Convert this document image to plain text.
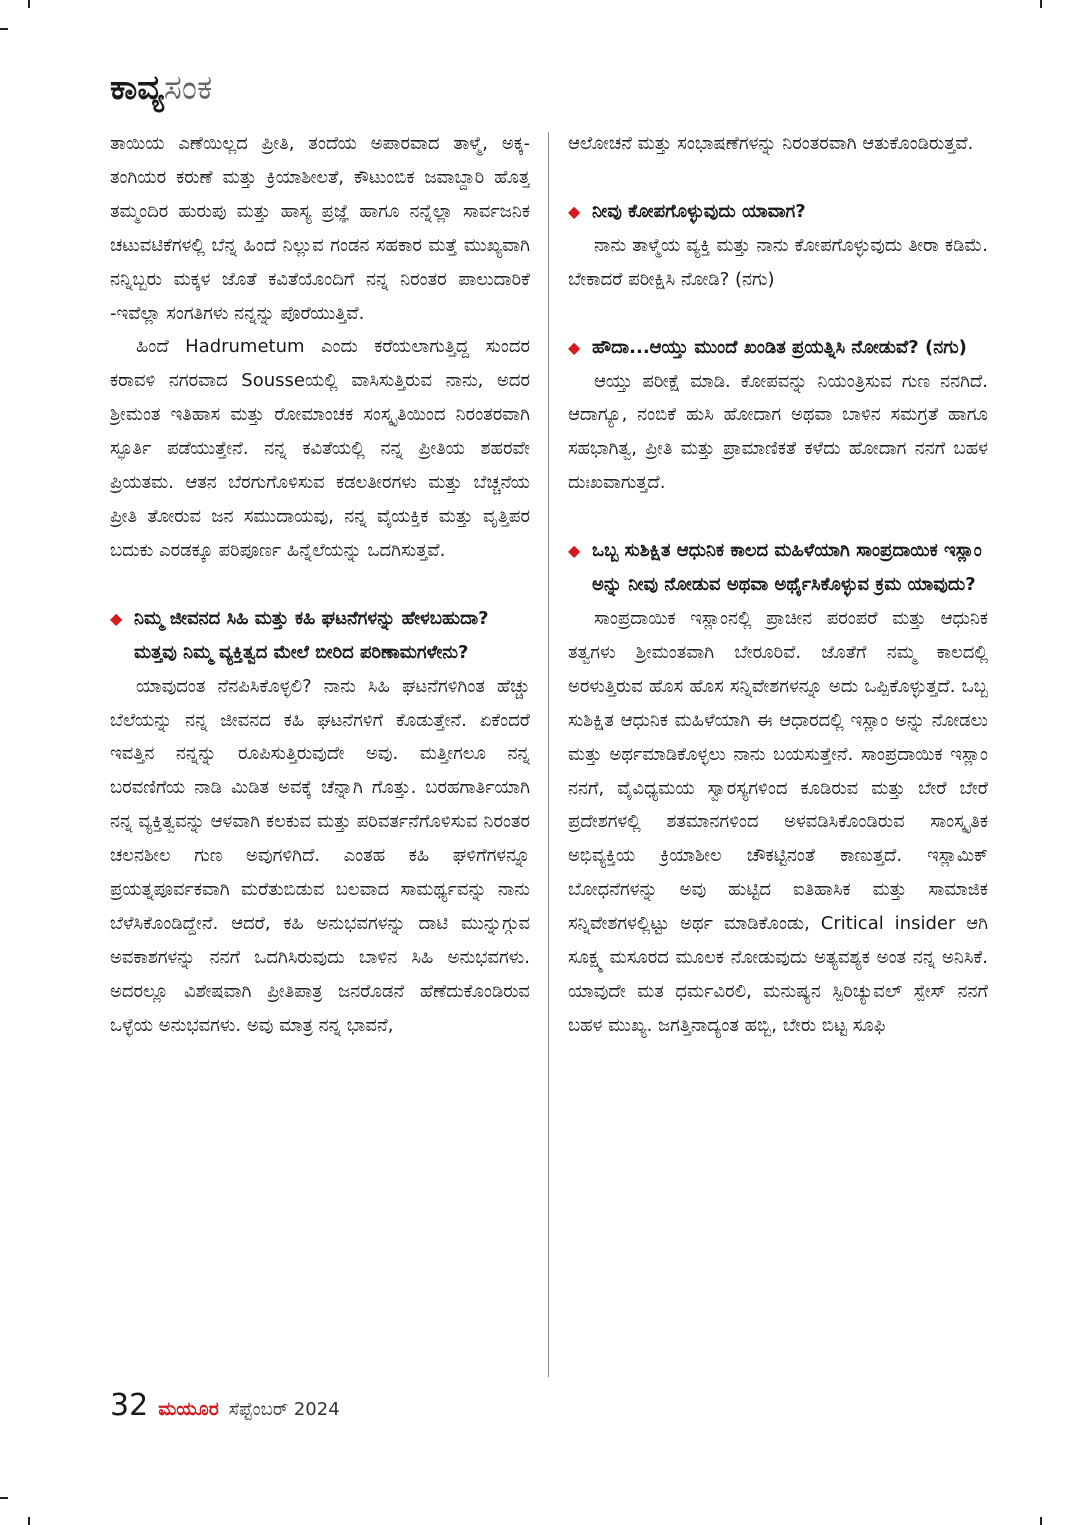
ಕಾವ್ಯಸಂಕ

ತಾಯಿಯ ಎಣೆಯಿಲ್ಲದ ಪ್ರೀತಿ, ತಂದೆಯ ಅಪಾರವಾದ ತಾಳ್ಮೆ, ಅಕ್ಕ-ತಂಗಿಯರ ಕರುಣೆ ಮತ್ತು ಕ್ರಿಯಾಶೀಲತೆ, ಕೌಟುಂಬಿಕ ಜವಾಬ್ದಾರಿ ಹೊತ್ತ ತಮ್ಮಂದಿರ ಹುರುಪು ಮತ್ತು ಹಾಸ್ಯ ಪ್ರಜ್ಞೆ ಹಾಗೂ ನನ್ನೆಲ್ಲಾ ಸಾರ್ವಜನಿಕ ಚಟುವಟಿಕೆಗಳಲ್ಲಿ ಬೆನ್ನ ಹಿಂದೆ ನಿಲ್ಲುವ ಗಂಡನ ಸಹಕಾರ ಮತ್ತೆ ಮುಖ್ಯವಾಗಿ ನನ್ನಿಬ್ಬರು ಮಕ್ಕಳ ಜೊತೆ ಕವಿತೆಯೊಂದಿಗೆ ನನ್ನ ನಿರಂತರ ಪಾಲುದಾರಿಕೆ -ಇವೆಲ್ಲಾ ಸಂಗತಿಗಳು ನನ್ನನ್ನು ಪೊರೆಯುತ್ತಿವೆ.

ಹಿಂದೆ Hadrumetum ಎಂದು ಕರೆಯಲಾಗುತ್ತಿದ್ದ ಸುಂದರ ಕರಾವಳಿ ನಗರವಾದ Sousseಯಲ್ಲಿ ವಾಸಿಸುತ್ತಿರುವ ನಾನು, ಅದರ ಶ್ರೀಮಂತ ಇತಿಹಾಸ ಮತ್ತು ರೋಮಾಂಚಕ ಸಂಸ್ಕೃತಿಯಿಂದ ನಿರಂತರವಾಗಿ ಸ್ಫೂರ್ತಿ ಪಡೆಯುತ್ತೇನೆ. ನನ್ನ ಕವಿತೆಯಲ್ಲಿ ನನ್ನ ಪ್ರೀತಿಯ ಶಹರವೇ ಪ್ರಿಯತಮ. ಆತನ ಬೆರಗುಗೊಳಿಸುವ ಕಡಲತೀರಗಳು ಮತ್ತು ಬೆಚ್ಚನೆಯ ಪ್ರೀತಿ ತೋರುವ ಜನ ಸಮುದಾಯವು, ನನ್ನ ವೈಯಕ್ತಿಕ ಮತ್ತು ವೃತ್ತಿಪರ ಬದುಕು ಎರಡಕ್ಕೂ ಪರಿಪೂರ್ಣ ಹಿನ್ನೆಲೆಯನ್ನು ಒದಗಿಸುತ್ತವೆ.

◆ ನಿಮ್ಮ ಜೀವನದ ಸಿಹಿ ಮತ್ತು ಕಹಿ ಘಟನೆಗಳನ್ನು ಹೇಳಬಹುದಾ? ಮತ್ತವು ನಿಮ್ಮ ವ್ಯಕ್ತಿತ್ವದ ಮೇಲೆ ಬೀರಿದ ಪರಿಣಾಮಗಳೇನು?

ಯಾವುದಂತ ನೆನಪಿಸಿಕೊಳ್ಳಲಿ? ನಾನು ಸಿಹಿ ಘಟನೆಗಳಿಗಿಂತ ಹೆಚ್ಚು ಬೆಲೆಯನ್ನು ನನ್ನ ಜೀವನದ ಕಹಿ ಘಟನೆಗಳಿಗೆ ಕೊಡುತ್ತೇನೆ. ಏಕೆಂದರೆ ಇವತ್ತಿನ ನನ್ನನ್ನು ರೂಪಿಸುತ್ತಿರುವುದೇ ಅವು. ಮತ್ತೀಗಲೂ ನನ್ನ ಬರವಣಿಗೆಯ ನಾಡಿ ಮಿಡಿತ ಅವಕ್ಕೆ ಚೆನ್ನಾಗಿ ಗೊತ್ತು. ಬರಹಗಾರ್ತಿಯಾಗಿ ನನ್ನ ವ್ಯಕ್ತಿತ್ವವನ್ನು ಆಳವಾಗಿ ಕಲಕುವ ಮತ್ತು ಪರಿವರ್ತನೆಗೊಳಿಸುವ ನಿರಂತರ ಚಲನಶೀಲ ಗುಣ ಅವುಗಳಿಗಿದೆ. ಎಂತಹ ಕಹಿ ಘಳಿಗೆಗಳನ್ನೂ ಪ್ರಯತ್ನಪೂರ್ವಕವಾಗಿ ಮರೆತುಬಿಡುವ ಬಲವಾದ ಸಾಮರ್ಥ್ಯವನ್ನು ನಾನು ಬೆಳೆಸಿಕೊಂಡಿದ್ದೇನೆ. ಆದರೆ, ಕಹಿ ಅನುಭವಗಳನ್ನು ದಾಟಿ ಮುನ್ನುಗ್ಗುವ ಅವಕಾಶಗಳನ್ನು ನನಗೆ ಒದಗಿಸಿರುವುದು ಬಾಳಿನ ಸಿಹಿ ಅನುಭವಗಳು. ಅದರಲ್ಲೂ ವಿಶೇಷವಾಗಿ ಪ್ರೀತಿಪಾತ್ರ ಜನರೊಡನೆ ಹೆಣೆದುಕೊಂಡಿರುವ ಒಳ್ಳೆಯ ಅನುಭವಗಳು. ಅವು ಮಾತ್ರ ನನ್ನ ಭಾವನೆ,

ಆಲೋಚನೆ ಮತ್ತು ಸಂಭಾಷಣೆಗಳನ್ನು ನಿರಂತರವಾಗಿ ಆತುಕೊಂಡಿರುತ್ತವೆ.

◆ ನೀವು ಕೋಪಗೊಳ್ಳುವುದು ಯಾವಾಗ?

ನಾನು ತಾಳ್ಮೆಯ ವ್ಯಕ್ತಿ ಮತ್ತು ನಾನು ಕೋಪಗೊಳ್ಳುವುದು ತೀರಾ ಕಡಿಮೆ. ಬೇಕಾದರೆ ಪರೀಕ್ಷಿಸಿ ನೋಡಿ? (ನಗು)

◆ ಹೌದಾ...ಆಯ್ತು ಮುಂದೆ ಖಂಡಿತ ಪ್ರಯತ್ನಿಸಿ ನೋಡುವೆ? (ನಗು)

ಆಯ್ತು ಪರೀಕ್ಷೆ ಮಾಡಿ. ಕೋಪವನ್ನು ನಿಯಂತ್ರಿಸುವ ಗುಣ ನನಗಿದೆ. ಆದಾಗ್ಯೂ, ನಂಬಿಕೆ ಹುಸಿ ಹೋದಾಗ ಅಥವಾ ಬಾಳಿನ ಸಮಗ್ರತೆ ಹಾಗೂ ಸಹಭಾಗಿತ್ವ, ಪ್ರೀತಿ ಮತ್ತು ಪ್ರಾಮಾಣಿಕತೆ ಕಳೆದು ಹೋದಾಗ ನನಗೆ ಬಹಳ ದುಃಖವಾಗುತ್ತದೆ.

◆ ಒಬ್ಬ ಸುಶಿಕ್ಷಿತ ಆಧುನಿಕ ಕಾಲದ ಮಹಿಳೆಯಾಗಿ ಸಾಂಪ್ರದಾಯಿಕ ಇಸ್ಲಾಂ ಅನ್ನು ನೀವು ನೋಡುವ ಅಥವಾ ಅರ್ಥೈಸಿಕೊಳ್ಳುವ ಕ್ರಮ ಯಾವುದು?

ಸಾಂಪ್ರದಾಯಿಕ ಇಸ್ಲಾಂನಲ್ಲಿ ಪ್ರಾಚೀನ ಪರಂಪರೆ ಮತ್ತು ಆಧುನಿಕ ತತ್ವಗಳು ಶ್ರೀಮಂತವಾಗಿ ಬೇರೂರಿವೆ. ಜೊತೆಗೆ ನಮ್ಮ ಕಾಲದಲ್ಲಿ ಅರಳುತ್ತಿರುವ ಹೊಸ ಹೊಸ ಸನ್ನಿವೇಶಗಳನ್ನೂ ಅದು ಒಪ್ಪಿಕೊಳ್ಳುತ್ತದೆ. ಒಬ್ಬ ಸುಶಿಕ್ಷಿತ ಆಧುನಿಕ ಮಹಿಳೆಯಾಗಿ ಈ ಆಧಾರದಲ್ಲಿ ಇಸ್ಲಾಂ ಅನ್ನು ನೋಡಲು ಮತ್ತು ಅರ್ಥಮಾಡಿಕೊಳ್ಳಲು ನಾನು ಬಯಸುತ್ತೇನೆ. ಸಾಂಪ್ರದಾಯಿಕ ಇಸ್ಲಾಂ ನನಗೆ, ವೈವಿಧ್ಯಮಯ ಸ್ವಾರಸ್ಯಗಳಿಂದ ಕೂಡಿರುವ ಮತ್ತು ಬೇರೆ ಬೇರೆ ಪ್ರದೇಶಗಳಲ್ಲಿ ಶತಮಾನಗಳಿಂದ ಅಳವಡಿಸಿಕೊಂಡಿರುವ ಸಾಂಸ್ಕೃತಿಕ ಅಭಿವ್ಯಕ್ತಿಯ ಕ್ರಿಯಾಶೀಲ ಚೌಕಟ್ಟಿನಂತೆ ಕಾಣುತ್ತದೆ. ಇಸ್ಲಾಮಿಕ್ ಬೋಧನೆಗಳನ್ನು ಅವು ಹುಟ್ಟಿದ ಐತಿಹಾಸಿಕ ಮತ್ತು ಸಾಮಾಜಿಕ ಸನ್ನಿವೇಶಗಳಲ್ಲಿಟ್ಟು ಅರ್ಥ ಮಾಡಿಕೊಂಡು, Critical insider ಆಗಿ ಸೂಕ್ಷ್ಮ ಮಸೂರದ ಮೂಲಕ ನೋಡುವುದು ಅತ್ಯವಶ್ಯಕ ಅಂತ ನನ್ನ ಅನಿಸಿಕೆ. ಯಾವುದೇ ಮತ ಧರ್ಮವಿರಲಿ, ಮನುಷ್ಯನ ಸ್ಪಿರಿಚ್ಯುವಲ್ ಸ್ಪೇಸ್ ನನಗೆ ಬಹಳ ಮುಖ್ಯ. ಜಗತ್ತಿನಾದ್ಯಂತ ಹಬ್ಬಿ, ಬೇರು ಬಿಟ್ಟ ಸೂಫಿ

32 ಮಯೂರ ಸೆಪ್ಟೆಂಬರ್ 2024
